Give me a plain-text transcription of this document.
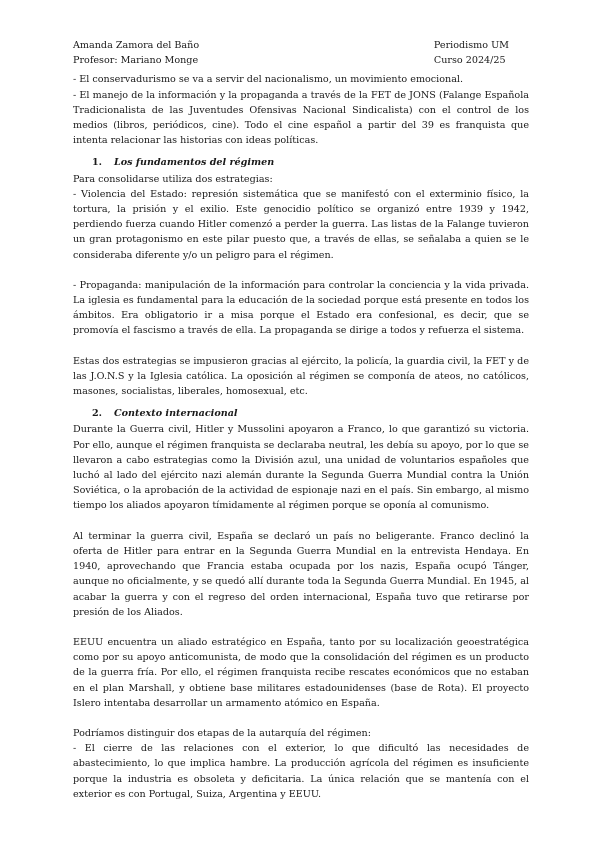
Amanda Zamora del Baño
Profesor: Mariano Monge
Periodismo UM
Curso 2024/25

- El conservadurismo se va a servir del nacionalismo, un movimiento emocional.

- El manejo de la información y la propaganda a través de la FET de JONS (Falange Española Tradicionalista de las Juventudes Ofensivas Nacional Sindicalista) con el control de los medios (libros, periódicos, cine). Todo el cine español a partir del 39 es franquista que intenta relacionar las historias con ideas políticas.

1. Los fundamentos del régimen

Para consolidarse utiliza dos estrategias:

- Violencia del Estado: represión sistemática que se manifestó con el exterminio físico, la tortura, la prisión y el exilio. Este genocidio político se organizó entre 1939 y 1942, perdiendo fuerza cuando Hitler comenzó a perder la guerra. Las listas de la Falange tuvieron un gran protagonismo en este pilar puesto que, a través de ellas, se señalaba a quien se le consideraba diferente y/o un peligro para el régimen.

- Propaganda: manipulación de la información para controlar la conciencia y la vida privada. La iglesia es fundamental para la educación de la sociedad porque está presente en todos los ámbitos. Era obligatorio ir a misa porque el Estado era confesional, es decir, que se promovía el fascismo a través de ella. La propaganda se dirige a todos y refuerza el sistema.

Estas dos estrategias se impusieron gracias al ejército, la policía, la guardia civil, la FET y de las J.O.N.S y la Iglesia católica. La oposición al régimen se componía de ateos, no católicos, masones, socialistas, liberales, homosexual, etc.

2. Contexto internacional

Durante la Guerra civil, Hitler y Mussolini apoyaron a Franco, lo que garantizó su victoria. Por ello, aunque el régimen franquista se declaraba neutral, les debía su apoyo, por lo que se llevaron a cabo estrategias como la División azul, una unidad de voluntarios españoles que luchó al lado del ejército nazi alemán durante la Segunda Guerra Mundial contra la Unión Soviética, o la aprobación de la actividad de espionaje nazi en el país. Sin embargo, al mismo tiempo los aliados apoyaron tímidamente al régimen porque se oponía al comunismo.

Al terminar la guerra civil, España se declaró un país no beligerante. Franco declinó la oferta de Hitler para entrar en la Segunda Guerra Mundial en la entrevista Hendaya. En 1940, aprovechando que Francia estaba ocupada por los nazis, España ocupó Tánger, aunque no oficialmente, y se quedó allí durante toda la Segunda Guerra Mundial. En 1945, al acabar la guerra y con el regreso del orden internacional, España tuvo que retirarse por presión de los Aliados.

EEUU encuentra un aliado estratégico en España, tanto por su localización geoestratégica como por su apoyo anticomunista, de modo que la consolidación del régimen es un producto de la guerra fría. Por ello, el régimen franquista recibe rescates económicos que no estaban en el plan Marshall, y obtiene base militares estadounidenses (base de Rota). El proyecto Islero intentaba desarrollar un armamento atómico en España.

Podríamos distinguir dos etapas de la autarquía del régimen:

- El cierre de las relaciones con el exterior, lo que dificultó las necesidades de abastecimiento, lo que implica hambre. La producción agrícola del régimen es insuficiente porque la industria es obsoleta y deficitaria. La única relación que se mantenía con el exterior es con Portugal, Suiza, Argentina y EEUU.
